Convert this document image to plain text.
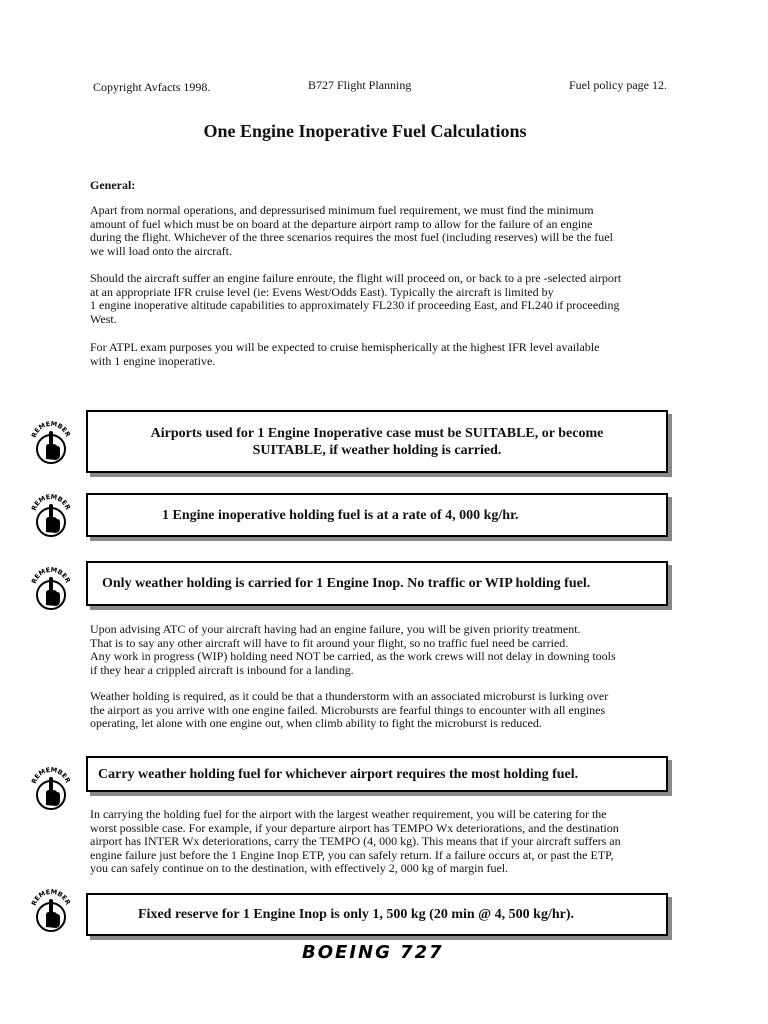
Copyright Avfacts 1998.	B727 Flight Planning	Fuel policy page 12.
One Engine Inoperative Fuel Calculations
General:

Apart from normal operations, and depressurised minimum fuel requirement, we must find the minimum
amount of fuel which must be on board at the departure airport ramp to allow for the failure of an engine
during the flight. Whichever of the three scenarios requires the most fuel (including reserves) will be the fuel
we will load onto the aircraft.

Should the aircraft suffer an engine failure enroute, the flight will proceed on, or back to a pre -selected airport
at an appropriate IFR cruise level (ie: Evens West/Odds East). Typically the aircraft is limited by
1 engine inoperative altitude capabilities to approximately FL230 if proceeding East, and FL240 if proceeding
West.

For ATPL exam purposes you will be expected to cruise hemispherically at the highest IFR level available
with 1 engine inoperative.

REMEMBER	Airports used for 1 Engine Inoperative case must be SUITABLE, or become
SUITABLE, if weather holding is carried.
REMEMBER
1 Engine inoperative holding fuel is at a rate of 4, 000 kg/hr.
REMEMBER Only weather holding is carried for 1 Engine Inop. No traffic or WIP holding fuel.

Upon advising ATC of your aircraft having had an engine failure, you will be given priority treatment.
That is to say any other aircraft will have to fit around your flight, so no traffic fuel need be carried.
Any work in progress (WIP) holding need NOT be carried, as the work crews will not delay in downing tools
if they hear a crippled aircraft is inbound for a landing.

Weather holding is required, as it could be that a thunderstorm with an associated microburst is lurking over
the airport as you arrive with one engine failed. Microbursts are fearful things to encounter with all engines
operating, let alone with one engine out, when climb ability to fight the microburst is reduced.

REMEMBER Carry weather holding fuel for whichever airport requires the most holding fuel.

In carrying the holding fuel for the airport with the largest weather requirement, you will be catering for the
worst possible case. For example, if your departure airport has TEMPO Wx deteriorations, and the destination
airport has INTER Wx deteriorations, carry the TEMPO (4, 000 kg). This means that if your aircraft suffers an
engine failure just before the 1 Engine Inop ETP, you can safely return. If a failure occurs at, or past the ETP,
you can safely continue on to the destination, with effectively 2, 000 kg of margin fuel.

REMEMBER
Fixed reserve for 1 Engine Inop is only 1, 500 kg (20 min @ 4, 500 kg/hr).
BOEING 727
